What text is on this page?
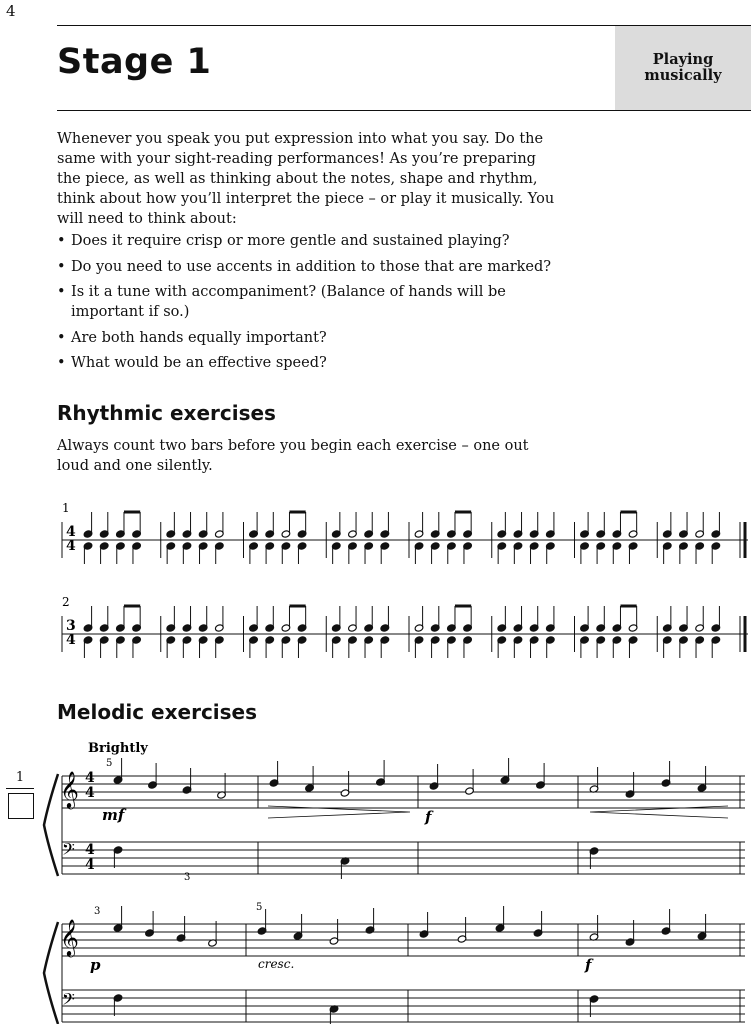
4
Stage 1	Playing musically

Whenever you speak you put expression into what you say. Do the same with your sight-reading performances! As you’re preparing the piece, as well as thinking about the notes, shape and rhythm, think about how you’ll interpret the piece – or play it musically. You will need to think about:

• Does it require crisp or more gentle and sustained playing?
• Do you need to use accents in addition to those that are marked?
• Is it a tune with accompaniment? (Balance of hands will be important if so.)
• Are both hands equally important?
• What would be an effective speed?
Rhythmic exercises

Always count two bars before you begin each exercise – one out loud and one silently.

Melodic exercises
1
1
4
4
2
3
4
Brightly
𝄞
𝄢
4
4
4
4
5
3
mf	f
𝄞
𝄢
3	5
p	cresc.	f
